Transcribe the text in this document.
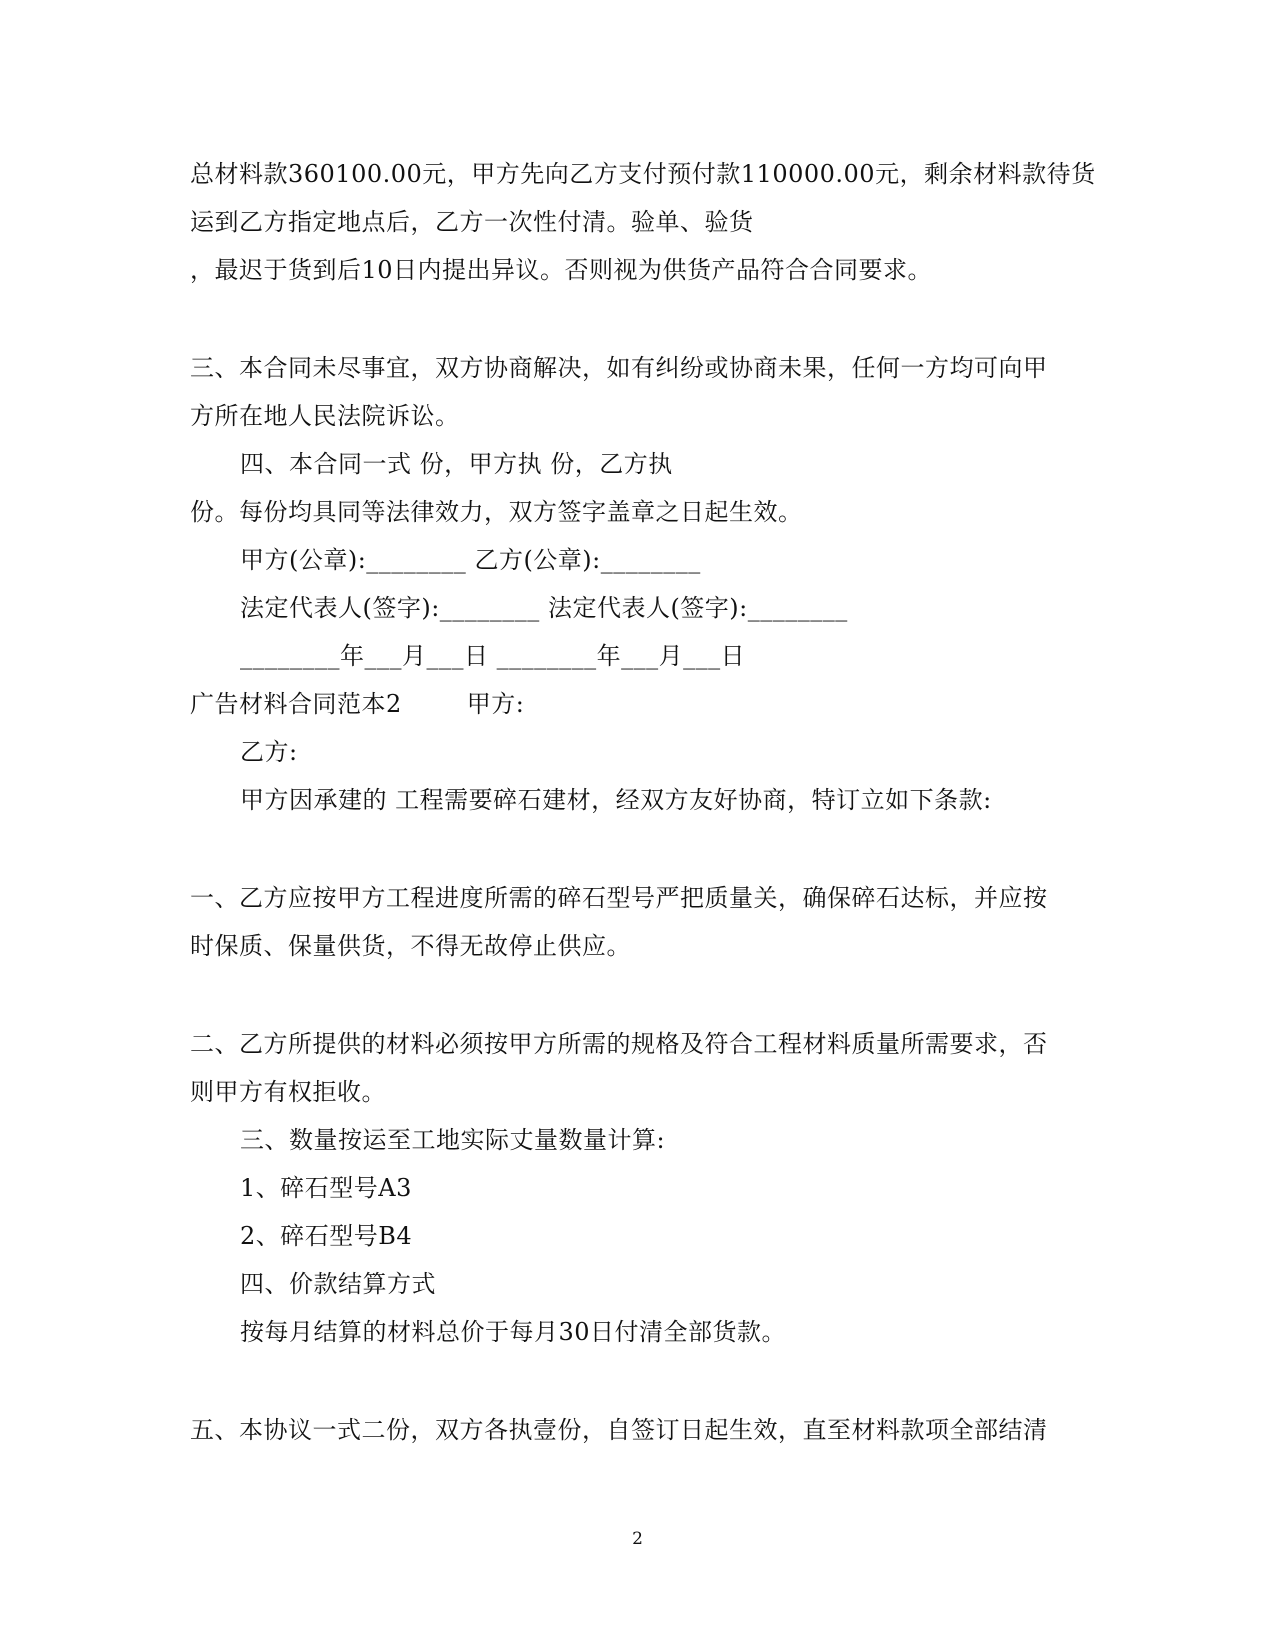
总材料款360100.00元，甲方先向乙方支付预付款110000.00元，剩余材料款待货
运到乙方指定地点后，乙方一次性付清。验单、验货
，最迟于货到后10日内提出异议。否则视为供货产品符合合同要求。
三、本合同未尽事宜，双方协商解决，如有纠纷或协商未果，任何一方均可向甲
方所在地人民法院诉讼。
四、本合同一式 份，甲方执 份，乙方执
份。每份均具同等法律效力，双方签字盖章之日起生效。
甲方(公章):________ 乙方(公章):________
法定代表人(签字):________ 法定代表人(签字):________
________年___月___日 ________年___月___日
广告材料合同范本2        甲方:
乙方:
甲方因承建的 工程需要碎石建材，经双方友好协商，特订立如下条款:
一、乙方应按甲方工程进度所需的碎石型号严把质量关，确保碎石达标，并应按
时保质、保量供货，不得无故停止供应。
二、乙方所提供的材料必须按甲方所需的规格及符合工程材料质量所需要求，否
则甲方有权拒收。
三、数量按运至工地实际丈量数量计算:
1、碎石型号A3
2、碎石型号B4
四、价款结算方式
按每月结算的材料总价于每月30日付清全部货款。
五、本协议一式二份，双方各执壹份，自签订日起生效，直至材料款项全部结清
2
